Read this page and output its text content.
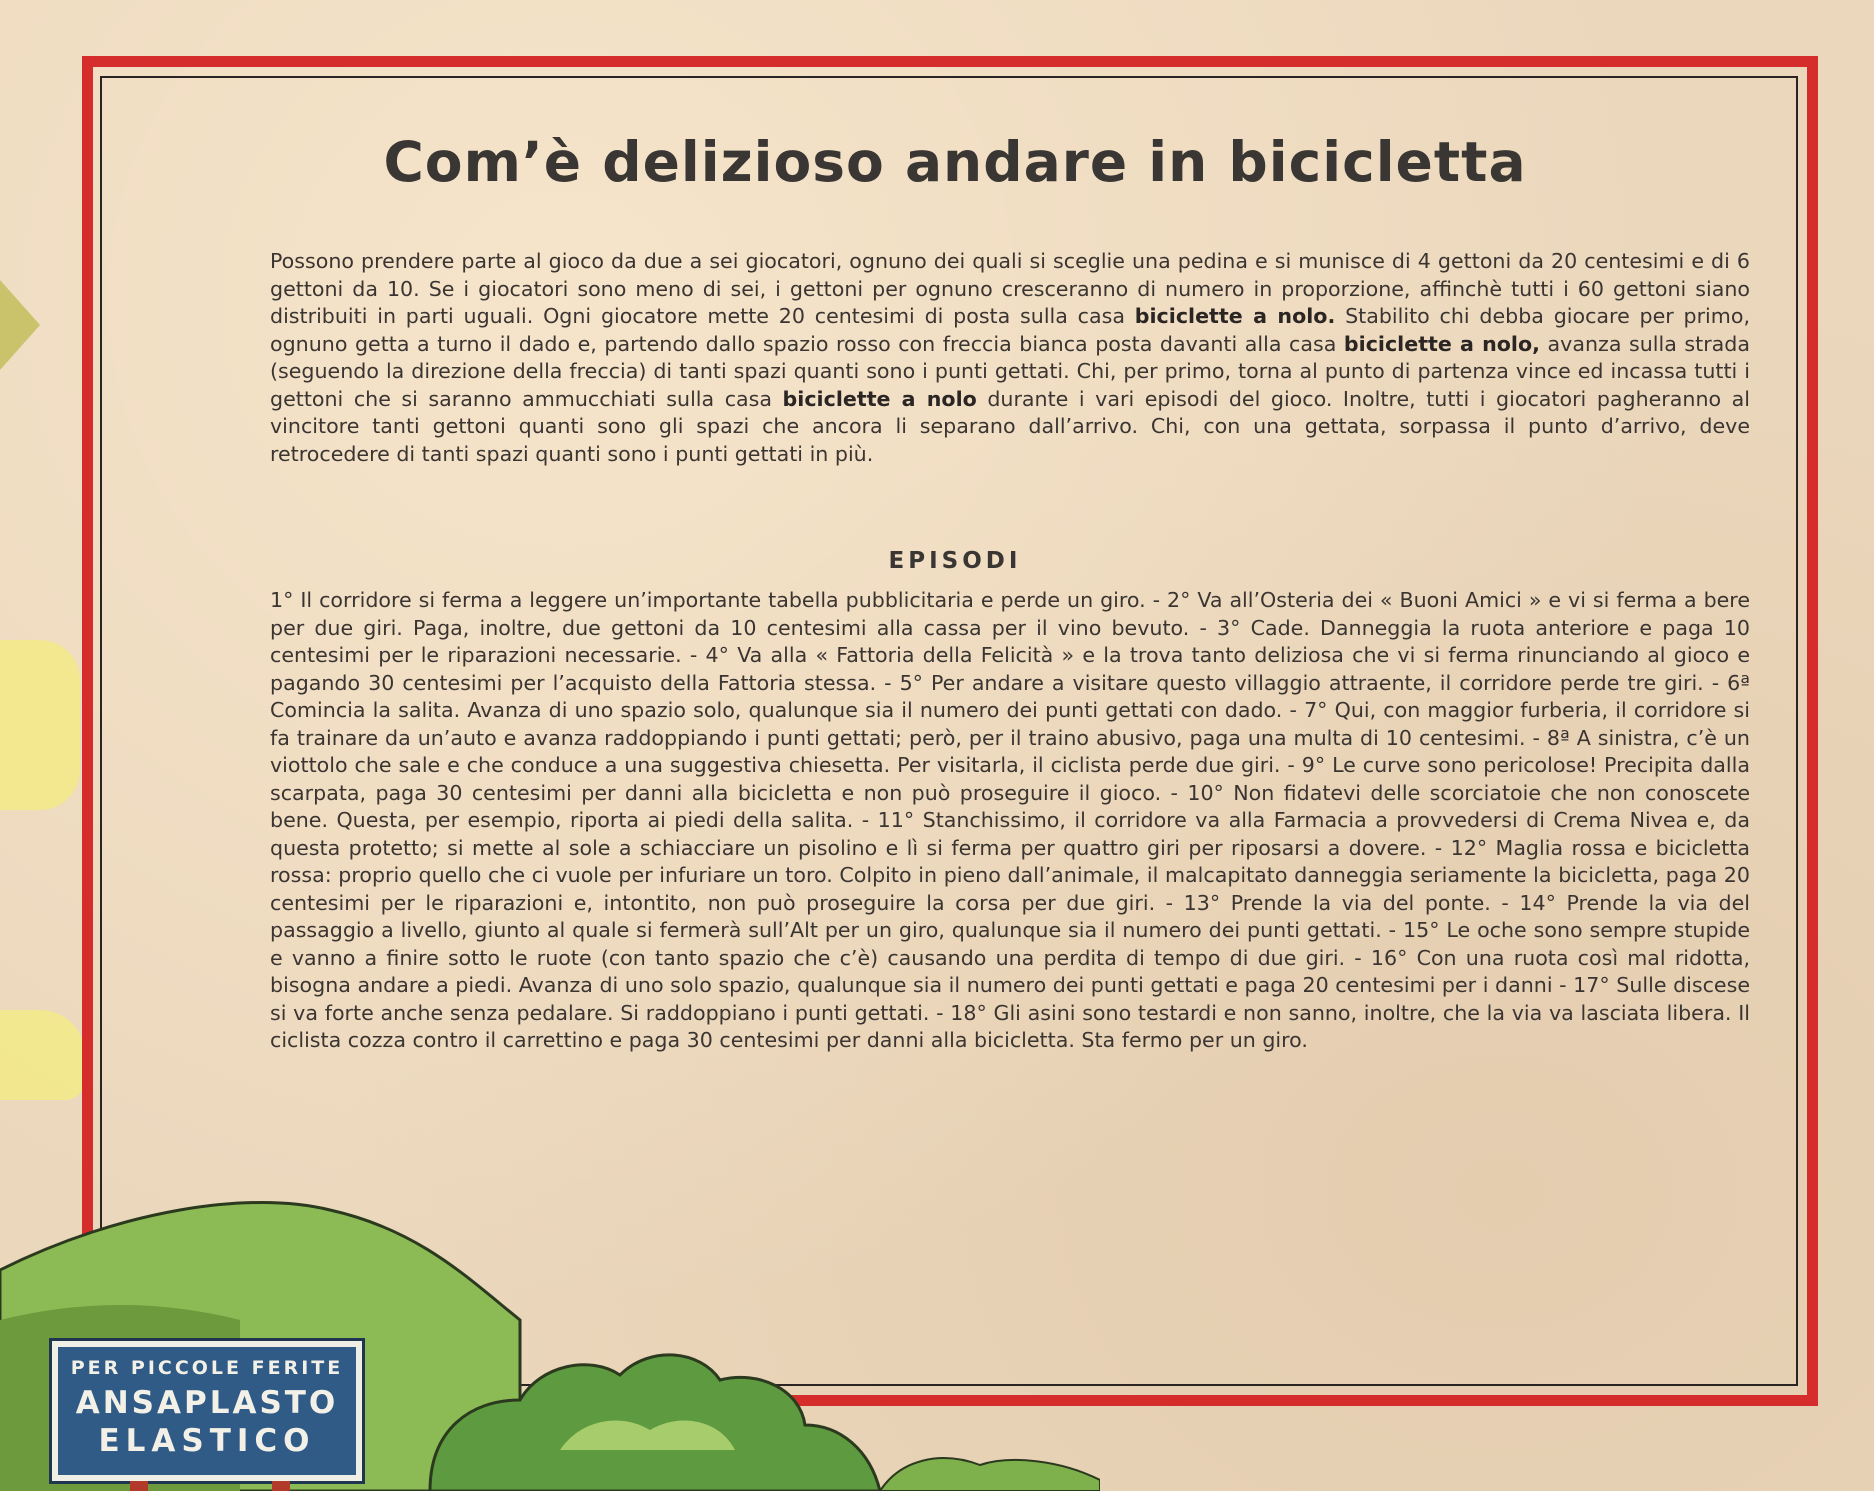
Com’è delizioso andare in bicicletta
Possono prendere parte al gioco da due a sei giocatori, ognuno dei quali si sceglie una pedina e si munisce di 4 gettoni da 20 centesimi e di 6 gettoni da 10. Se i giocatori sono meno di sei, i gettoni per ognuno cresceranno di numero in proporzione, affinchè tutti i 60 gettoni siano distribuiti in parti uguali. Ogni giocatore mette 20 centesimi di posta sulla casa biciclette a nolo. Stabilito chi debba giocare per primo, ognuno getta a turno il dado e, partendo dallo spazio rosso con freccia bianca posta davanti alla casa biciclette a nolo, avanza sulla strada (seguendo la direzione della freccia) di tanti spazi quanti sono i punti gettati. Chi, per primo, torna al punto di partenza vince ed incassa tutti i gettoni che si saranno ammucchiati sulla casa biciclette a nolo durante i vari episodi del gioco. Inoltre, tutti i giocatori pagheranno al vincitore tanti gettoni quanti sono gli spazi che ancora li separano dall’arrivo. Chi, con una gettata, sorpassa il punto d’arrivo, deve retrocedere di tanti spazi quanti sono i punti gettati in più.
EPISODI
1° Il corridore si ferma a leggere un’importante tabella pubblicitaria e perde un giro. - 2° Va all’Osteria dei « Buoni Amici » e vi si ferma a bere per due giri. Paga, inoltre, due gettoni da 10 centesimi alla cassa per il vino bevuto. - 3° Cade. Danneggia la ruota anteriore e paga 10 centesimi per le riparazioni necessarie. - 4° Va alla « Fattoria della Felicità » e la trova tanto deliziosa che vi si ferma rinunciando al gioco e pagando 30 centesimi per l’acquisto della Fattoria stessa. - 5° Per andare a visitare questo villaggio attraente, il corridore perde tre giri. - 6ª Comincia la salita. Avanza di uno spazio solo, qualunque sia il numero dei punti gettati con dado. - 7° Qui, con maggior furberia, il corridore si fa trainare da un’auto e avanza raddoppiando i punti gettati; però, per il traino abusivo, paga una multa di 10 centesimi. - 8ª A sinistra, c’è un viottolo che sale e che conduce a una suggestiva chiesetta. Per visitarla, il ciclista perde due giri. - 9° Le curve sono pericolose! Precipita dalla scarpata, paga 30 centesimi per danni alla bicicletta e non può proseguire il gioco. - 10° Non fidatevi delle scorciatoie che non conoscete bene. Questa, per esempio, riporta ai piedi della salita. - 11° Stanchissimo, il corridore va alla Farmacia a provvedersi di Crema Nivea e, da questa protetto; si mette al sole a schiacciare un pisolino e lì si ferma per quattro giri per riposarsi a dovere. - 12° Maglia rossa e bicicletta rossa: proprio quello che ci vuole per infuriare un toro. Colpito in pieno dall’animale, il malcapitato danneggia seriamente la bicicletta, paga 20 centesimi per le riparazioni e, intontito, non può proseguire la corsa per due giri. - 13° Prende la via del ponte. - 14° Prende la via del passaggio a livello, giunto al quale si fermerà sull’Alt per un giro, qualunque sia il numero dei punti gettati. - 15° Le oche sono sempre stupide e vanno a finire sotto le ruote (con tanto spazio che c’è) causando una perdita di tempo di due giri. - 16° Con una ruota così mal ridotta, bisogna andare a piedi. Avanza di uno solo spazio, qualunque sia il numero dei punti gettati e paga 20 centesimi per i danni - 17° Sulle discese si va forte anche senza pedalare. Si raddoppiano i punti gettati. - 18° Gli asini sono testardi e non sanno, inoltre, che la via va lasciata libera. Il ciclista cozza contro il carrettino e paga 30 centesimi per danni alla bicicletta. Sta fermo per un giro.
PER PICCOLE FERITE
ANSAPLASTO
ELASTICO
